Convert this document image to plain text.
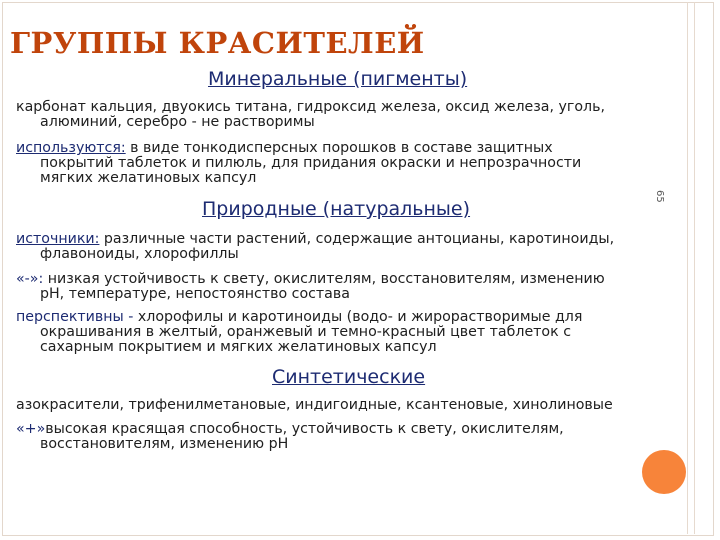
ГРУППЫ КРАСИТЕЛЕЙ
65
Минеральные (пигменты)
карбонат кальция, двуокись титана, гидроксид железа, оксид железа, уголь,
алюминий, серебро - не растворимы
используются: в виде тонкодисперсных порошков в составе защитных
покрытий таблеток и пилюль, для придания окраски и непрозрачности
мягких желатиновых капсул
Природные (натуральные)
источники: различные части растений, содержащие антоцианы, каротиноиды,
флавоноиды, хлорофиллы
«-»: низкая устойчивость к свету, окислителям, восстановителям, изменению
рН, температуре, непостоянство состава
перспективны - хлорофилы и каротиноиды (водо- и жирорастворимые для
окрашивания в желтый, оранжевый и темно-красный цвет таблеток с
сахарным покрытием и мягких желатиновых капсул
Синтетические
азокрасители, трифенилметановые, индигоидные, ксантеновые, хинолиновые
«+»высокая красящая способность, устойчивость к свету, окислителям,
восстановителям, изменению рН
